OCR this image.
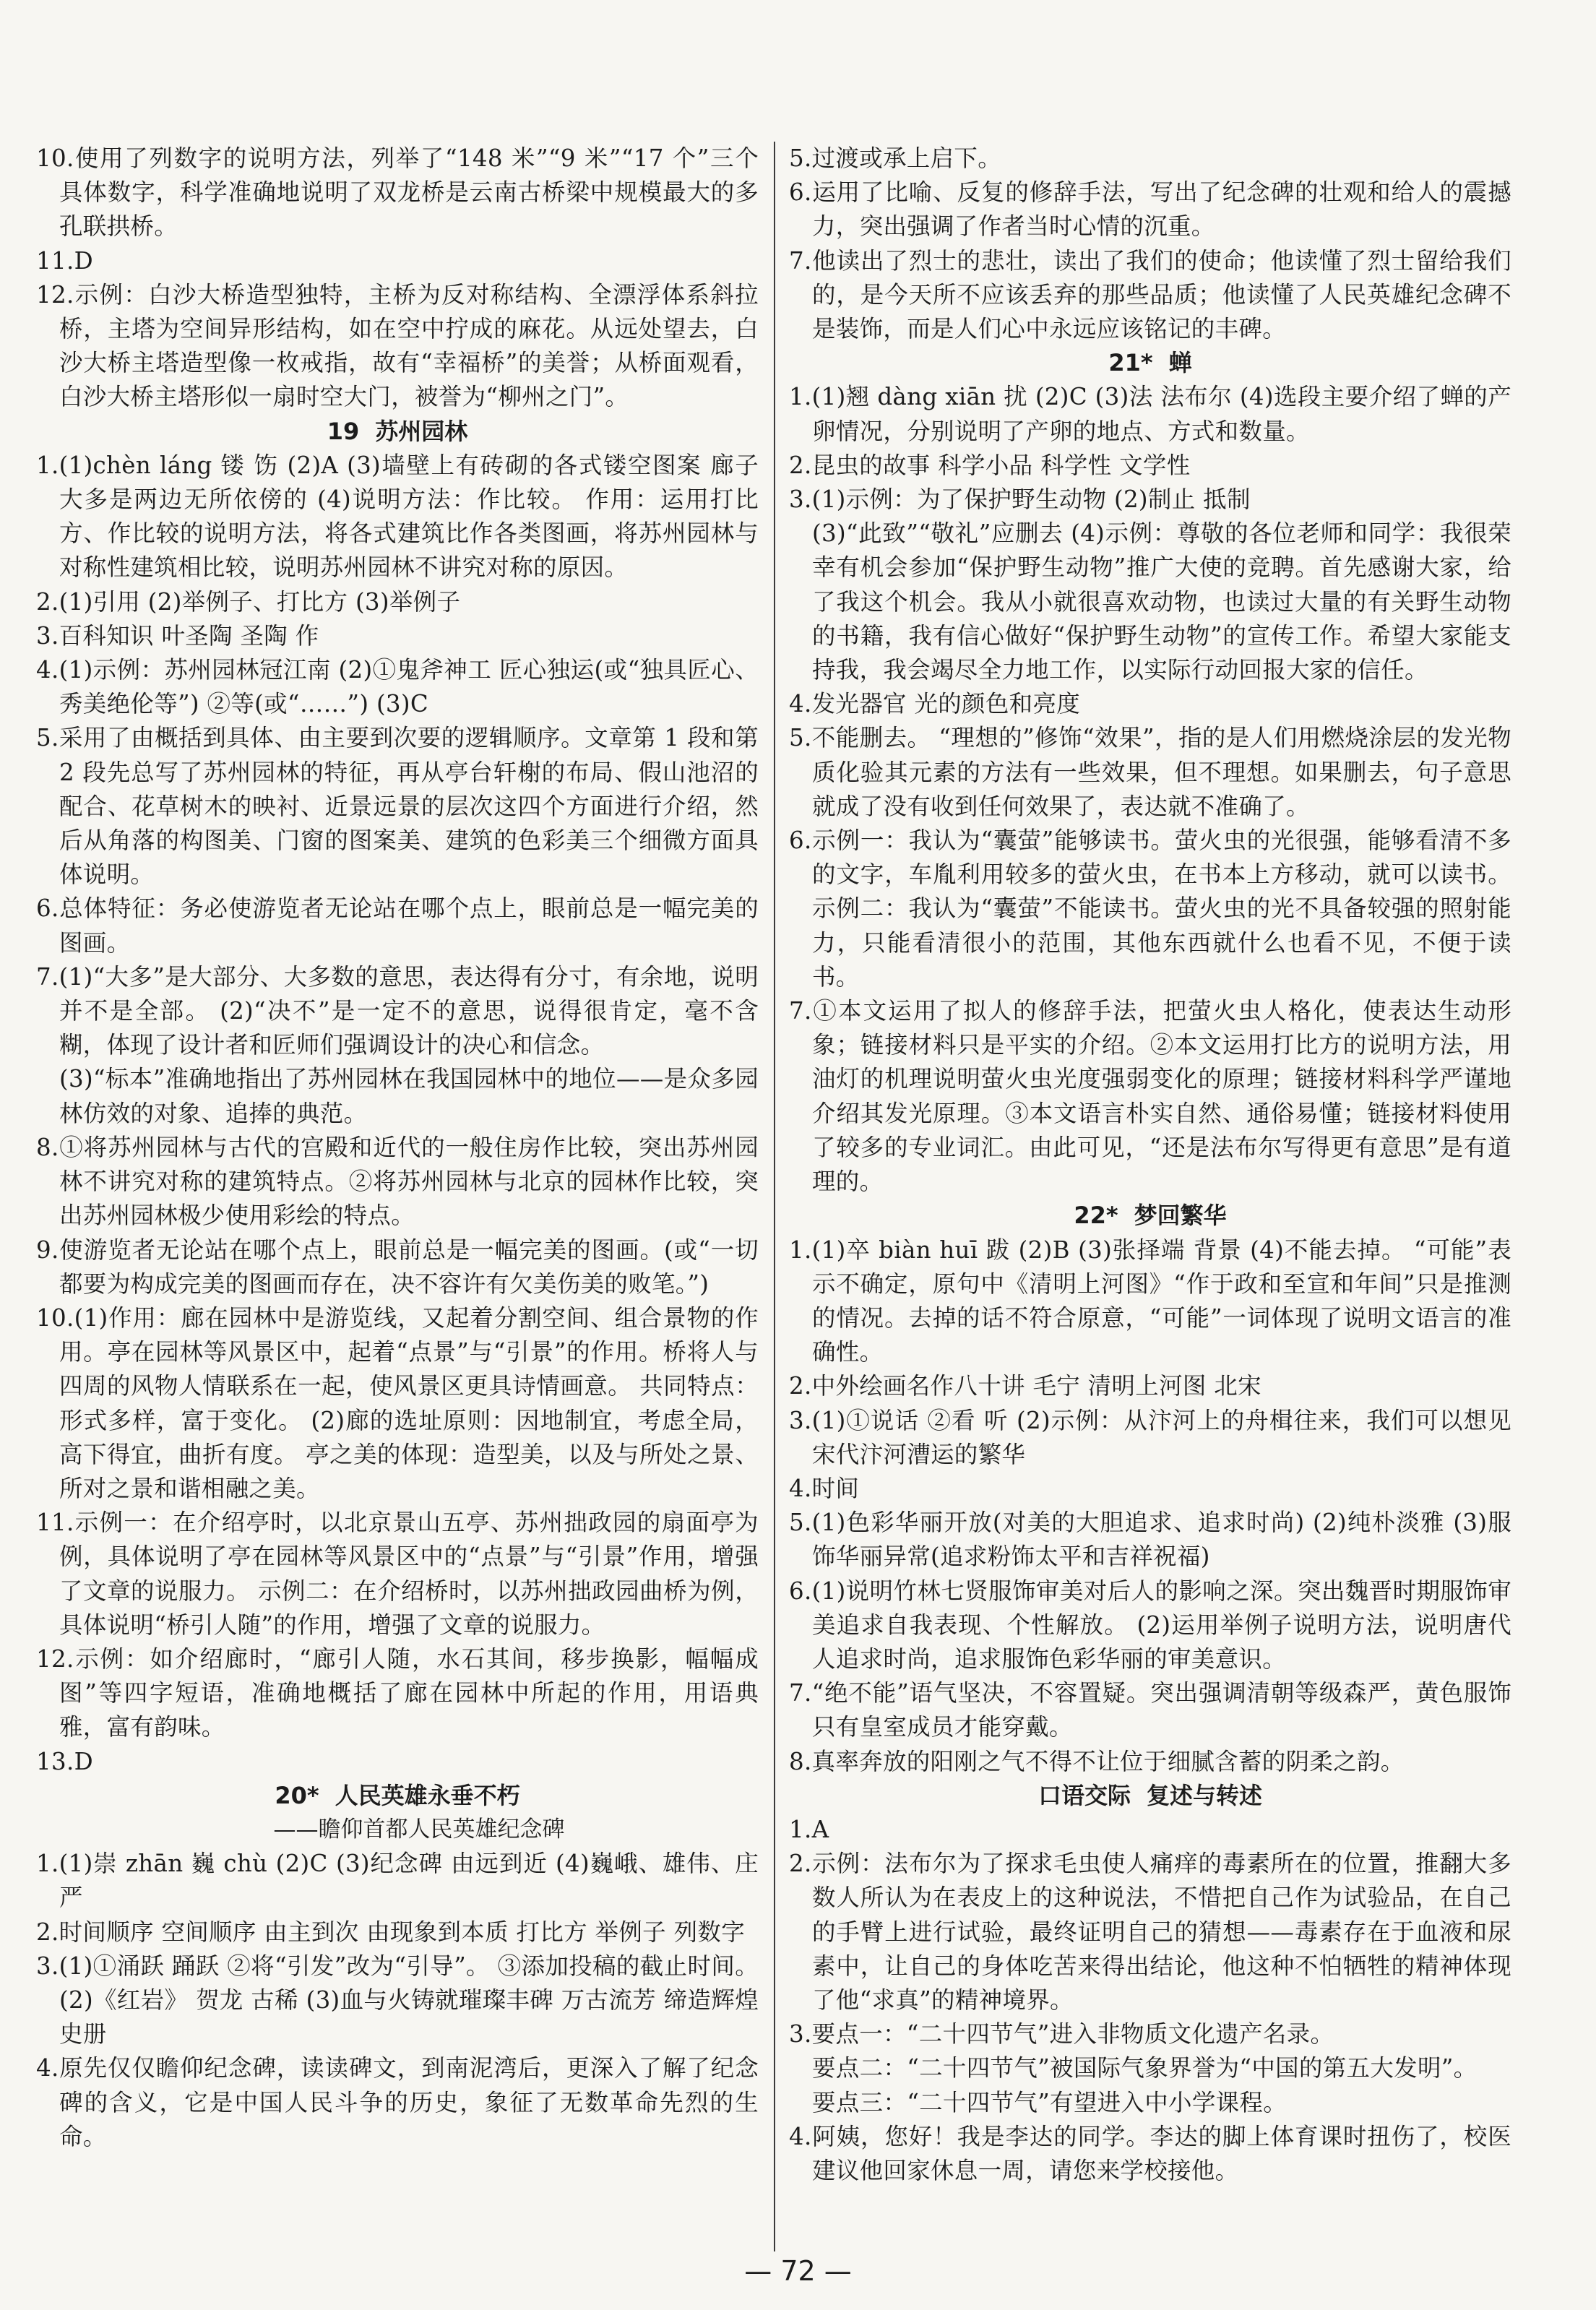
10.使用了列数字的说明方法，列举了“148 米”“9 米”“17 个”三个具体数字，科学准确地说明了双龙桥是云南古桥梁中规模最大的多孔联拱桥。

11.D

12.示例：白沙大桥造型独特，主桥为反对称结构、全漂浮体系斜拉桥，主塔为空间异形结构，如在空中拧成的麻花。从远处望去，白沙大桥主塔造型像一枚戒指，故有“幸福桥”的美誉；从桥面观看，白沙大桥主塔形似一扇时空大门，被誉为“柳州之门”。

19 苏州园林

1.(1)chèn láng 镂 饬 (2)A (3)墙壁上有砖砌的各式镂空图案 廊子大多是两边无所依傍的 (4)说明方法：作比较。 作用：运用打比方、作比较的说明方法，将各式建筑比作各类图画，将苏州园林与对称性建筑相比较，说明苏州园林不讲究对称的原因。

2.(1)引用 (2)举例子、打比方 (3)举例子

3.百科知识 叶圣陶 圣陶 作

4.(1)示例：苏州园林冠江南 (2)①鬼斧神工 匠心独运(或“独具匠心、秀美绝伦等”) ②等(或“……”) (3)C

5.采用了由概括到具体、由主要到次要的逻辑顺序。文章第 1 段和第 2 段先总写了苏州园林的特征，再从亭台轩榭的布局、假山池沼的配合、花草树木的映衬、近景远景的层次这四个方面进行介绍，然后从角落的构图美、门窗的图案美、建筑的色彩美三个细微方面具体说明。

6.总体特征：务必使游览者无论站在哪个点上，眼前总是一幅完美的图画。

7.(1)“大多”是大部分、大多数的意思，表达得有分寸，有余地，说明并不是全部。 (2)“决不”是一定不的意思，说得很肯定，毫不含糊，体现了设计者和匠师们强调设计的决心和信念。

(3)“标本”准确地指出了苏州园林在我国园林中的地位——是众多园林仿效的对象、追捧的典范。

8.①将苏州园林与古代的宫殿和近代的一般住房作比较，突出苏州园林不讲究对称的建筑特点。②将苏州园林与北京的园林作比较，突出苏州园林极少使用彩绘的特点。

9.使游览者无论站在哪个点上，眼前总是一幅完美的图画。(或“一切都要为构成完美的图画而存在，决不容许有欠美伤美的败笔。”)

10.(1)作用：廊在园林中是游览线，又起着分割空间、组合景物的作用。亭在园林等风景区中，起着“点景”与“引景”的作用。桥将人与四周的风物人情联系在一起，使风景区更具诗情画意。 共同特点：形式多样，富于变化。 (2)廊的选址原则：因地制宜，考虑全局，高下得宜，曲折有度。 亭之美的体现：造型美，以及与所处之景、所对之景和谐相融之美。

11.示例一：在介绍亭时，以北京景山五亭、苏州拙政园的扇面亭为例，具体说明了亭在园林等风景区中的“点景”与“引景”作用，增强了文章的说服力。 示例二：在介绍桥时，以苏州拙政园曲桥为例，具体说明“桥引人随”的作用，增强了文章的说服力。

12.示例：如介绍廊时，“廊引人随，水石其间，移步换影，幅幅成图”等四字短语，准确地概括了廊在园林中所起的作用，用语典雅，富有韵味。

13.D

20* 人民英雄永垂不朽
——瞻仰首都人民英雄纪念碑

1.(1)崇 zhān 巍 chù (2)C (3)纪念碑 由远到近 (4)巍峨、雄伟、庄严

2.时间顺序 空间顺序 由主到次 由现象到本质 打比方 举例子 列数字

3.(1)①涌跃 踊跃 ②将“引发”改为“引导”。 ③添加投稿的截止时间。 (2)《红岩》 贺龙 古稀 (3)血与火铸就璀璨丰碑 万古流芳 缔造辉煌史册

4.原先仅仅瞻仰纪念碑，读读碑文，到南泥湾后，更深入了解了纪念碑的含义，它是中国人民斗争的历史，象征了无数革命先烈的生命。

5.过渡或承上启下。

6.运用了比喻、反复的修辞手法，写出了纪念碑的壮观和给人的震撼力，突出强调了作者当时心情的沉重。

7.他读出了烈士的悲壮，读出了我们的使命；他读懂了烈士留给我们的，是今天所不应该丢弃的那些品质；他读懂了人民英雄纪念碑不是装饰，而是人们心中永远应该铭记的丰碑。

21* 蝉

1.(1)翘 dàng xiān 扰 (2)C (3)法 法布尔 (4)选段主要介绍了蝉的产卵情况，分别说明了产卵的地点、方式和数量。

2.昆虫的故事 科学小品 科学性 文学性

3.(1)示例：为了保护野生动物 (2)制止 抵制

(3)“此致”“敬礼”应删去 (4)示例：尊敬的各位老师和同学：我很荣幸有机会参加“保护野生动物”推广大使的竞聘。首先感谢大家，给了我这个机会。我从小就很喜欢动物，也读过大量的有关野生动物的书籍，我有信心做好“保护野生动物”的宣传工作。希望大家能支持我，我会竭尽全力地工作，以实际行动回报大家的信任。

4.发光器官 光的颜色和亮度

5.不能删去。 “理想的”修饰“效果”，指的是人们用燃烧涂层的发光物质化验其元素的方法有一些效果，但不理想。如果删去，句子意思就成了没有收到任何效果了，表达就不准确了。

6.示例一：我认为“囊萤”能够读书。萤火虫的光很强，能够看清不多的文字，车胤利用较多的萤火虫，在书本上方移动，就可以读书。 示例二：我认为“囊萤”不能读书。萤火虫的光不具备较强的照射能力，只能看清很小的范围，其他东西就什么也看不见，不便于读书。

7.①本文运用了拟人的修辞手法，把萤火虫人格化，使表达生动形象；链接材料只是平实的介绍。②本文运用打比方的说明方法，用油灯的机理说明萤火虫光度强弱变化的原理；链接材料科学严谨地介绍其发光原理。③本文语言朴实自然、通俗易懂；链接材料使用了较多的专业词汇。由此可见，“还是法布尔写得更有意思”是有道理的。

22* 梦回繁华

1.(1)卒 biàn huī 跋 (2)B (3)张择端 背景 (4)不能去掉。 “可能”表示不确定，原句中《清明上河图》“作于政和至宣和年间”只是推测的情况。去掉的话不符合原意，“可能”一词体现了说明文语言的准确性。

2.中外绘画名作八十讲 毛宁 清明上河图 北宋

3.(1)①说话 ②看 听 (2)示例：从汴河上的舟楫往来，我们可以想见宋代汴河漕运的繁华

4.时间

5.(1)色彩华丽开放(对美的大胆追求、追求时尚) (2)纯朴淡雅 (3)服饰华丽异常(追求粉饰太平和吉祥祝福)

6.(1)说明竹林七贤服饰审美对后人的影响之深。突出魏晋时期服饰审美追求自我表现、个性解放。 (2)运用举例子说明方法，说明唐代人追求时尚，追求服饰色彩华丽的审美意识。

7.“绝不能”语气坚决，不容置疑。突出强调清朝等级森严，黄色服饰只有皇室成员才能穿戴。

8.真率奔放的阳刚之气不得不让位于细腻含蓄的阴柔之韵。

口语交际 复述与转述

1.A

2.示例：法布尔为了探求毛虫使人痛痒的毒素所在的位置，推翻大多数人所认为在表皮上的这种说法，不惜把自己作为试验品，在自己的手臂上进行试验，最终证明自己的猜想——毒素存在于血液和尿素中，让自己的身体吃苦来得出结论，他这种不怕牺牲的精神体现了他“求真”的精神境界。

3.要点一：“二十四节气”进入非物质文化遗产名录。

要点二：“二十四节气”被国际气象界誉为“中国的第五大发明”。

要点三：“二十四节气”有望进入中小学课程。

4.阿姨，您好！我是李达的同学。李达的脚上体育课时扭伤了，校医建议他回家休息一周，请您来学校接他。

— 72 —
